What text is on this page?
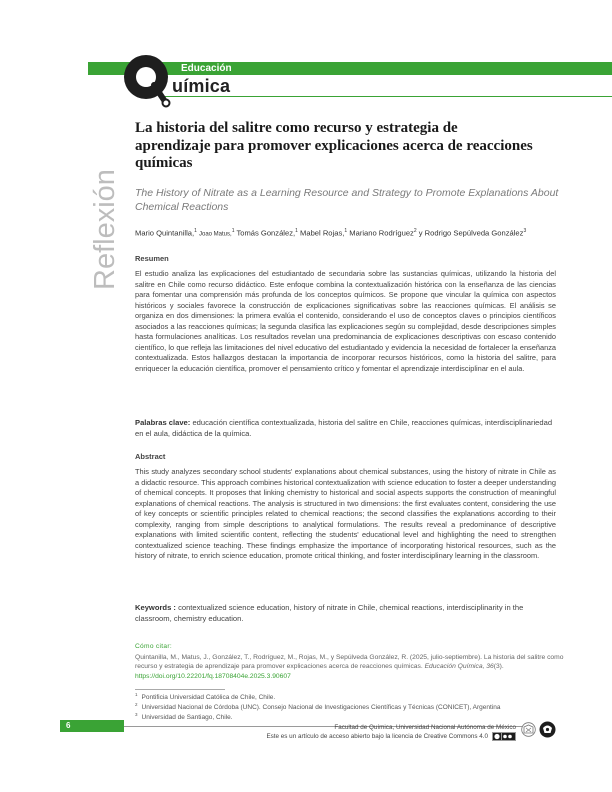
Educación
uímica
Reflexión
La historia del salitre como recurso y estrategia de aprendizaje para promover explicaciones acerca de reacciones químicas

The History of Nitrate as a Learning Resource and Strategy to Promote Explanations About Chemical Reactions

Mario Quintanilla,$^1$ Joao Matus,$^1$ Tomás González,$^1$ Mabel Rojas,$^1$ Mariano Rodríguez$^2$ y Rodrigo Sepúlveda González$^3$
Resumen

El estudio analiza las explicaciones del estudiantado de secundaria sobre las sustancias químicas, utilizando la historia del salitre en Chile como recurso didáctico. Este enfoque combina la contextualización histórica con la enseñanza de las ciencias para fomentar una comprensión más profunda de los conceptos químicos. Se propone que vincular la química con aspectos históricos y sociales favorece la construcción de explicaciones significativas sobre las reacciones químicas. El análisis se organiza en dos dimensiones: la primera evalúa el contenido, considerando el uso de conceptos claves o principios científicos asociados a las reacciones químicas; la segunda clasifica las explicaciones según su complejidad, desde descripciones simples hasta formulaciones analíticas. Los resultados revelan una predominancia de explicaciones descriptivas con escaso contenido científico, lo que refleja las limitaciones del nivel educativo del estudiantado y evidencia la necesidad de fortalecer la enseñanza contextualizada. Estos hallazgos destacan la importancia de incorporar recursos históricos, como la historia del salitre, para enriquecer la educación científica, promover el pensamiento crítico y fomentar el aprendizaje interdisciplinar en el aula.

Palabras clave: educación científica contextualizada, historia del salitre en Chile, reacciones químicas, interdisciplinariedad en el aula, didáctica de la química.

Abstract

This study analyzes secondary school students' explanations about chemical substances, using the history of nitrate in Chile as a didactic resource. This approach combines historical contextualization with science education to foster a deeper understanding of chemical concepts. It proposes that linking chemistry to historical and social aspects supports the construction of meaningful explanations of chemical reactions. The analysis is structured in two dimensions: the first evaluates content, considering the use of key concepts or scientific principles related to chemical reactions; the second classifies the explanations according to their complexity, ranging from simple descriptions to analytical formulations. The results reveal a predominance of descriptive explanations with limited scientific content, reflecting the students' educational level and highlighting the need to strengthen contextualized science teaching. These findings emphasize the importance of incorporating historical resources, such as the history of nitrate, to enrich science education, promote critical thinking, and foster interdisciplinary learning in the classroom.

Keywords : contextualized science education, history of nitrate in Chile, chemical reactions, interdisciplinarity in the classroom, chemistry education.

Cómo citar:

Quintanilla, M., Matus, J., González, T., Rodríguez, M., Rojas, M., y Sepúlveda González, R. (2025, julio-septiembre). La historia del salitre como recurso y estrategia de aprendizaje para promover explicaciones acerca de reacciones químicas. Educación Química, 36(3). https://doi.org/10.22201/fq.18708404e.2025.3.90607

$^1$ Pontificia Universidad Católica de Chile, Chile.
$^2$ Universidad Nacional de Córdoba (UNC). Consejo Nacional de Investigaciones Científicas y Técnicas (CONICET), Argentina
$^3$ Universidad de Santiago, Chile.
6	Facultad de Química, Universidad Nacional Autónoma de México
Este es un artículo de acceso abierto bajo la licencia de Creative Commons 4.0
